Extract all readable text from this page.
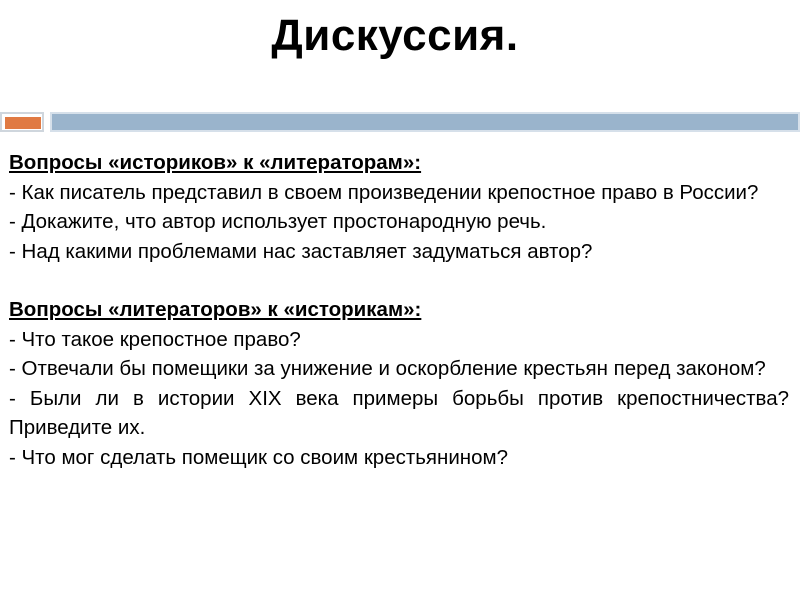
Дискуссия.

Вопросы «историков» к «литераторам»:

- Как писатель представил в своем произведении крепостное право в России?

- Докажите, что автор использует простонародную речь.

- Над какими проблемами нас заставляет задуматься автор?

Вопросы «литераторов» к «историкам»:

- Что такое крепостное право?

- Отвечали бы помещики за унижение и оскорбление крестьян перед законом?

- Были ли в истории XIX века примеры борьбы против крепостничества? Приведите их.

- Что мог сделать помещик со своим крестьянином?
